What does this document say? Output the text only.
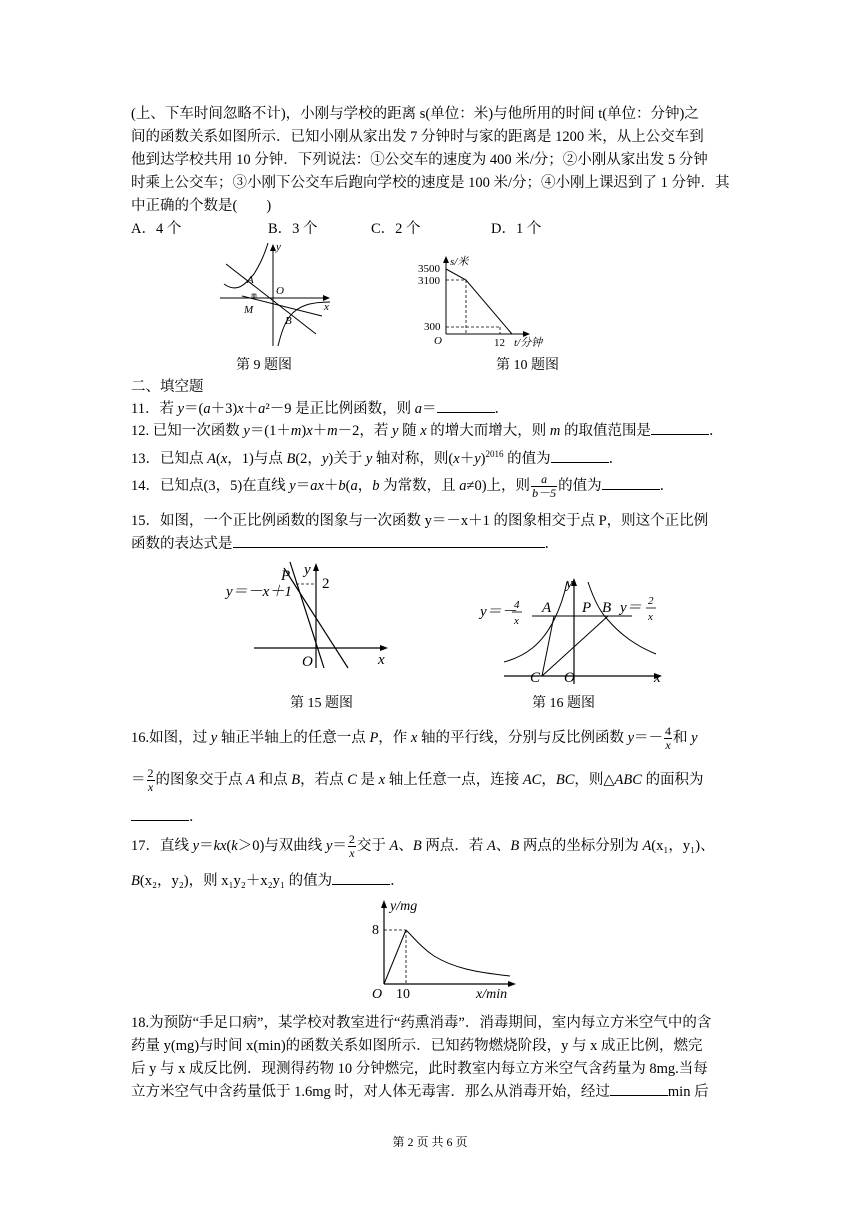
(上、下车时间忽略不计)，小刚与学校的距离 s(单位：米)与他所用的时间 t(单位：分钟)之
间的函数关系如图所示．已知小刚从家出发 7 分钟时与家的距离是 1200 米，从上公交车到
他到达学校共用 10 分钟．下列说法：①公交车的速度为 400 米/分；②小刚从家出发 5 分钟
时乘上公交车；③小刚下公交车后跑向学校的速度是 100 米/分；④小刚上课迟到了 1 分钟．其
中正确的个数是(　　)
A．4 个	B．3 个	C．2 个	D．1 个
y
x
A
O
M
B
s/米
3500
3100
300
O	12 t/分钟
第 9 题图	第 10 题图
二、填空题
11．若 y＝(a＋3)x＋a²－9 是正比例函数，则 a＝	．
12. 已知一次函数 y＝(1＋m)x＋m－2，若 y 随 x 的增大而增大，则 m 的取值范围是	．
13．已知点 A(x，1)与点 B(2，y)关于 y 轴对称，则$(x+y)^{2016}$ 的值为	．
14．已知点(3，5)在直线 y＝ax＋b(a，b 为常数，且 a≠0)上，则 $\frac{a}{b-5}$ 的值为	．
15．如图，一个正比例函数的图象与一次函数 y＝－x＋1 的图象相交于点 P，则这个正比例
函数的表达式是	．
y＝－x＋1
P y
2
O	x
y＝－
4
x
A P B y＝ 2
x
y
C O	x
第 15 题图	第 16 题图
16.如图，过 y 轴正半轴上的任意一点 P，作 x 轴的平行线，分别与反比例函数 $y=- \frac{4}{x}$ 和 y
＝ $\frac{2}{x}$ 的图象交于点 A 和点 B，若点 C 是 x 轴上任意一点，连接 AC，BC，则△ABC 的面积为
．
17．直线 y＝kx(k＞0)与双曲线 $y= \frac{2}{x}$ 交于 A、B 两点．若 A、B 两点的坐标分别为 A(x₁，y₁)、
B(x₂，y₂)，则 x₁y₂＋x₂y₁ 的值为	．
y/mg
8
O 10	x/min
18.为预防“手足口病”，某学校对教室进行“药熏消毒”．消毒期间，室内每立方米空气中的含
药量 y(mg)与时间 x(min)的函数关系如图所示．已知药物燃烧阶段，y 与 x 成正比例，燃完
后 y 与 x 成反比例．现测得药物 10 分钟燃完，此时教室内每立方米空气含药量为 8mg.当每
立方米空气中含药量低于 1.6mg 时，对人体无毒害．那么从消毒开始，经过	min 后
第 2 页 共 6 页
